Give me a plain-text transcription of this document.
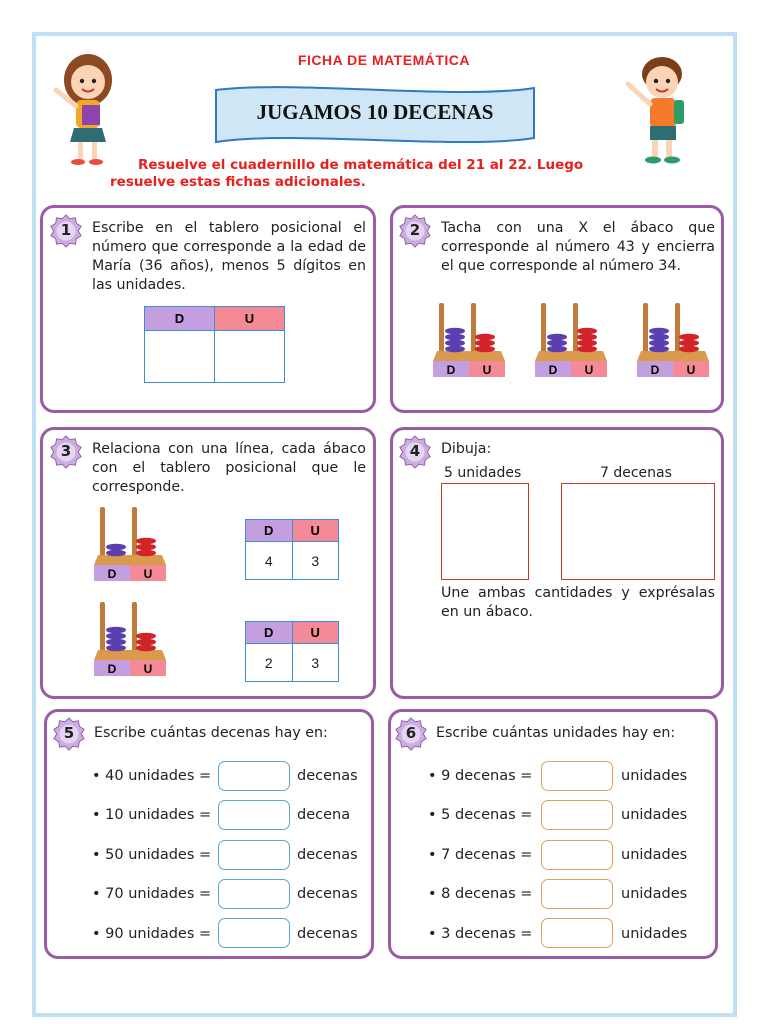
FICHA DE MATEMÁTICA
JUGAMOS 10 DECENAS
Resuelve el cuadernillo de matemática del 21 al 22. Luego
resuelve estas fichas adicionales.
1	Escribe en el tablero posicional el número que corresponde a la edad de María (36 años), menos 5 dígitos en las unidades.
D	U

2	Tacha con una X el ábaco que corresponde al número 43 y encierra el que corresponde al número 34.
D U	D U	D U
3	Relaciona con una línea, cada ábaco con el tablero posicional que le corresponde.
D U
D U
D	U
4	3
D	U
2	3
4	Dibuja:
5 unidades	7 decenas
Une ambas cantidades y exprésalas en un ábaco.
5	Escribe cuántas decenas hay en:
• 40 unidades =	decenas
• 10 unidades =	decena
• 50 unidades =	decenas
• 70 unidades =	decenas
• 90 unidades =	decenas
6	Escribe cuántas unidades hay en:
• 9 decenas =	unidades
• 5 decenas =	unidades
• 7 decenas =	unidades
• 8 decenas =	unidades
• 3 decenas =	unidades
